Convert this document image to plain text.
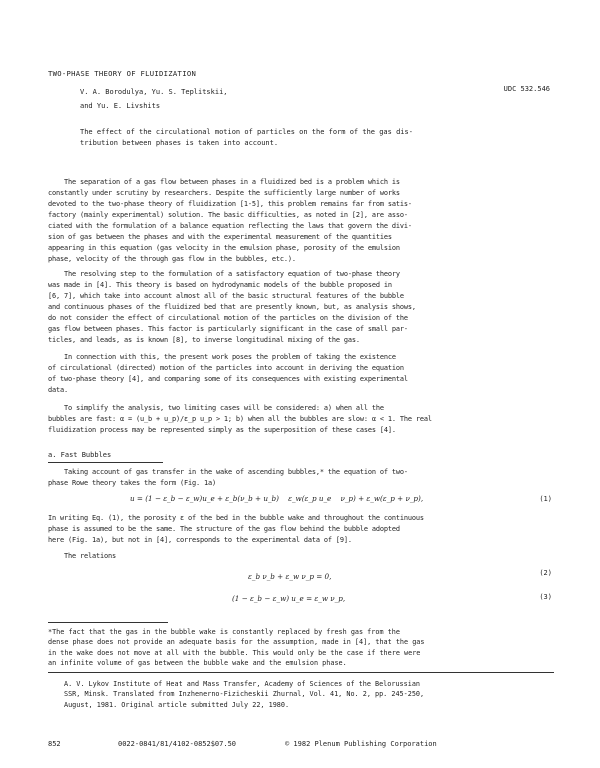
TWO-PHASE THEORY OF FLUIDIZATION
V. A. Borodulya, Yu. S. Teplitskii,
and Yu. E. Livshits
UDC 532.546
The effect of the circulational motion of particles on the form of the gas dis-
tribution between phases is taken into account.
The separation of a gas flow between phases in a fluidized bed is a problem which is
constantly under scrutiny by researchers. Despite the sufficiently large number of works
devoted to the two-phase theory of fluidization [1-5], this problem remains far from satis-
factory (mainly experimental) solution. The basic difficulties, as noted in [2], are asso-
ciated with the formulation of a balance equation reflecting the laws that govern the divi-
sion of gas between the phases and with the experimental measurement of the quantities
appearing in this equation (gas velocity in the emulsion phase, porosity of the emulsion
phase, velocity of the through gas flow in the bubbles, etc.).
The resolving step to the formulation of a satisfactory equation of two-phase theory
was made in [4]. This theory is based on hydrodynamic models of the bubble proposed in
[6, 7], which take into account almost all of the basic structural features of the bubble
and continuous phases of the fluidized bed that are presently known, but, as analysis shows,
do not consider the effect of circulational motion of the particles on the division of the
gas flow between phases. This factor is particularly significant in the case of small par-
ticles, and leads, as is known [8], to inverse longitudinal mixing of the gas.
In connection with this, the present work poses the problem of taking the existence
of circulational (directed) motion of the particles into account in deriving the equation
of two-phase theory [4], and comparing some of its consequences with existing experimental
data.
To simplify the analysis, two limiting cases will be considered: a) when all the
bubbles are fast: α = (u_b + u_p)/ε_p u_p > 1; b) when all the bubbles are slow: α < 1. The real
fluidization process may be represented simply as the superposition of these cases [4].
a. Fast Bubbles
Taking account of gas transfer in the wake of ascending bubbles,* the equation of two-
phase Rowe theory takes the form (Fig. 1a)
u = (1 − ε_b − ε_w)u_e + ε_b(ν_b + u_b)    ε_w(ε_p u_e    ν_p) + ε_w(ε_p + ν_p),	(1)
In writing Eq. (1), the porosity ε of the bed in the bubble wake and throughout the continuous
phase is assumed to be the same. The structure of the gas flow behind the bubble adopted
here (Fig. 1a), but not in [4], corresponds to the experimental data of [9].
The relations
ε_b ν_b + ε_w ν_p = 0,	(2)
(1 − ε_b − ε_w) u_e = ε_w ν_p,	(3)
*The fact that the gas in the bubble wake is constantly replaced by fresh gas from the
dense phase does not provide an adequate basis for the assumption, made in [4], that the gas
in the wake does not move at all with the bubble. This would only be the case if there were
an infinite volume of gas between the bubble wake and the emulsion phase.
A. V. Lykov Institute of Heat and Mass Transfer, Academy of Sciences of the Belorussian
SSR, Minsk. Translated from Inzhenerno-Fizicheskii Zhurnal, Vol. 41, No. 2, pp. 245-250,
August, 1981. Original article submitted July 22, 1980.
852	0022-0841/81/4102-0852$07.50	© 1982 Plenum Publishing Corporation
